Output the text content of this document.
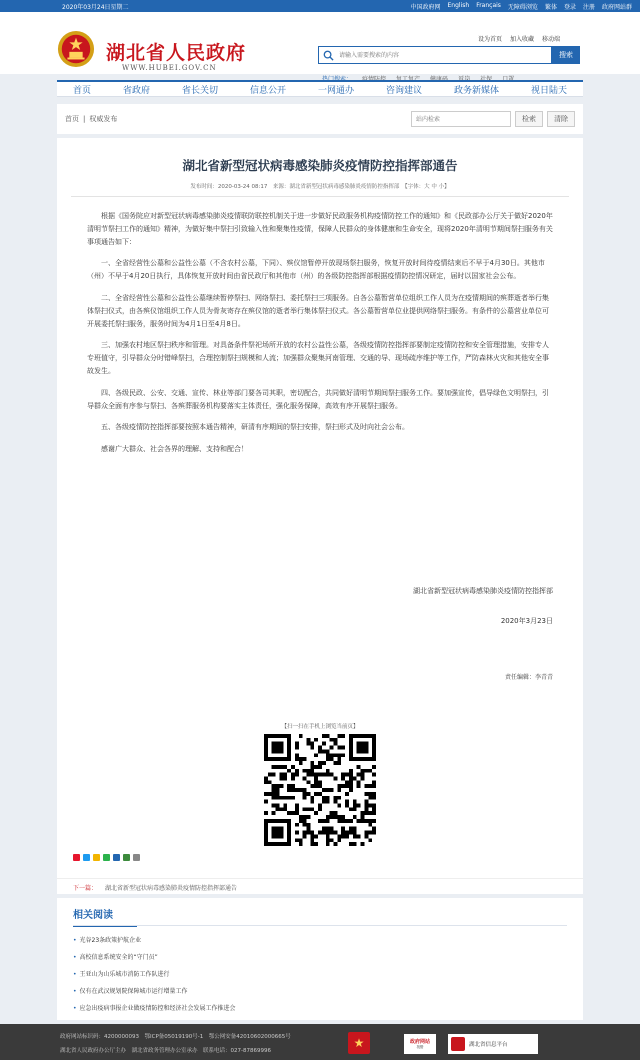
2020年03月24日星期二	中国政府网 English Français 无障碍浏览 繁体 登录 注册 政府网站群
湖北省人民政府
WWW.HUBEI.GOV.CN
设为首页 加入收藏 移动端
请输入需要搜索的内容
搜索
首页	省政府	省长关切	信息公开	一网通办	咨询建议	政务新媒体	视日陆天
首页 | 权威发布
站内检索	检索	清除
湖北省新型冠状病毒感染肺炎疫情防控指挥部通告
发布时间：2020-03-24 08:17　来源：湖北省新型冠状病毒感染肺炎疫情防控指挥部　【字体：大 中 小】

根据《国务院应对新型冠状病毒感染肺炎疫情联防联控机制关于进一步做好民政服务机构疫情防控工作的通知》和《民政部办公厅关于做好2020年清明节祭扫工作的通知》精神，为做好集中祭扫引致输入性和聚集性疫情，保障人民群众的身体健康和生命安全，现将2020年清明节期间祭扫服务有关事项通告如下：

一、全省经营性公墓和公益性公墓（不含农村公墓，下同）、殡仪馆暂停开放现场祭扫服务，恢复开放时间待疫情结束后不早于4月30日。其他市（州）不早于4月20日执行，具体恢复开放时间由省民政厅和其他市（州）的各级防控指挥部根据疫情防控情况研定，届时以国家社会公布。

二、全省经营性公墓和公益性公墓继续暂停祭扫、网络祭扫、委托祭扫三项服务。自各公墓暂营单位组织工作人员为在疫情期间的殡葬逝者举行集体祭扫仪式，由各殡仪馆组织工作人员为骨灰寄存在殡仪馆的逝者举行集体祭扫仪式。各公墓暂营单位业提供网络祭扫服务。有条件的公墓营业单位可开展委托祭扫服务，服务时间为4月1日至4月8日。

三、加强农村地区祭扫秩序和管理。对具备条件祭祀场所开放的农村公益性公墓，各级疫情防控指挥部要制定疫情防控和安全管理措施，安排专人专班值守，引导群众分时错峰祭扫，合理控制祭扫规模和人流；加强群众聚集河南管理、交通的导、现场疏序维护等工作，严防森林火灾和其他安全事故发生。

四、各级民政、公安、交通、宣传、林业等部门要各司其职，密切配合，共同做好清明节期间祭扫服务工作。要加强宣传，倡导绿色文明祭扫，引导群众全面有序参与祭扫、各殡葬服务机构要落实主体责任，强化服务保障，高效有序开展祭扫服务。

五、各级疫情防控指挥部要按照本通告精神，研清有序期间的祭扫安排，祭扫形式及时向社会公布。

感谢广大群众、社会各界的理解、支持和配合！

湖北省新型冠状病毒感染肺炎疫情防控指挥部
2020年3月23日
责任编辑：李青青
【扫一扫在手机上浏览当前页】
下一篇： 湖北省新型冠状病毒感染肺炎疫情防控指挥部通告
相关阅读
• 光谷23条政策护航企业
• 高校信息系统安全的“守门员”
• 王亚山为山乐城市消防工作队进行
• 仅有在武汉规划院保障城市运行增量工作
• 应急出疫病事报企业做疫情防控和经济社会发展工作推进会
政府网站标识码：4200000093　鄂ICP备05019190号-1　鄂公网安备42010602000665号
湖北省人民政府办公厅主办　湖北省政务管理办公室承办　联系电话：027-87869996
★	政府网站
找错	湖北省信息平台
